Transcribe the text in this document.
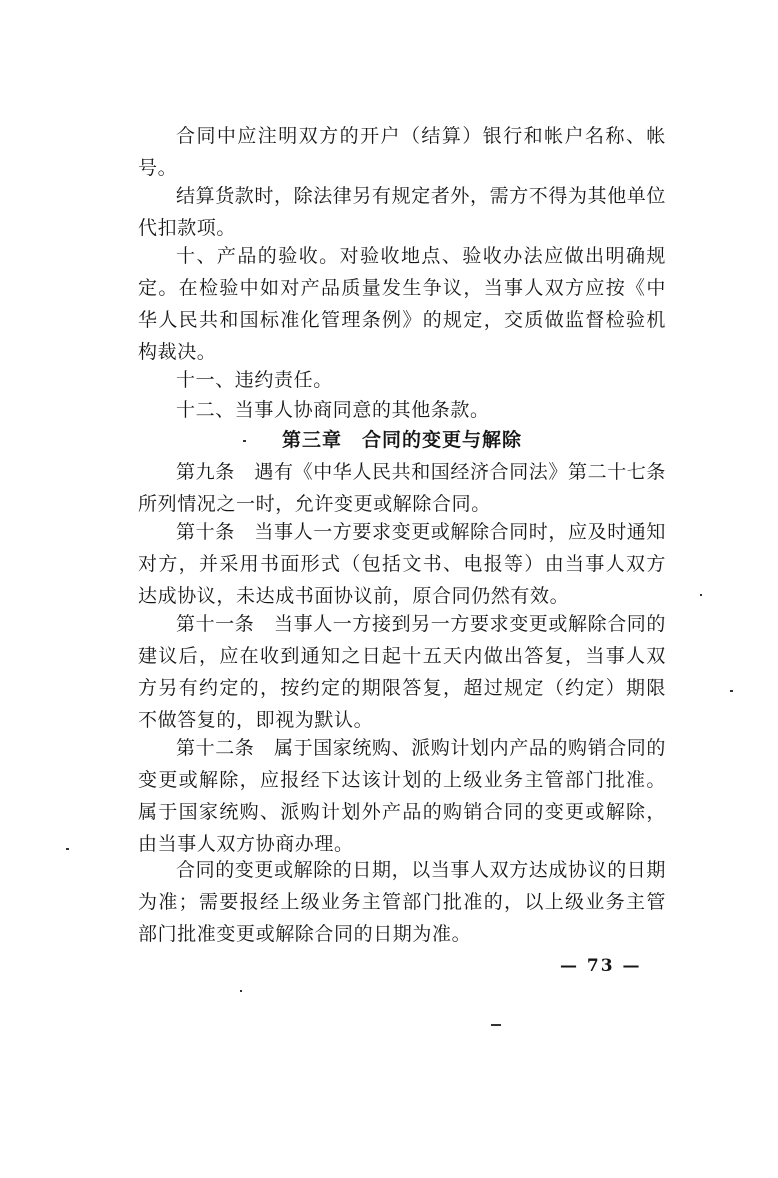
合同中应注明双方的开户（结算）银行和帐户名称、帐号。

结算货款时，除法律另有规定者外，需方不得为其他单位代扣款项。

十、产品的验收。对验收地点、验收办法应做出明确规定。在检验中如对产品质量发生争议，当事人双方应按《中华人民共和国标准化管理条例》的规定，交质做监督检验机构裁决。

十一、违约责任。

十二、当事人协商同意的其他条款。

第三章　合同的变更与解除

第九条　遇有《中华人民共和国经济合同法》第二十七条所列情况之一时，允许变更或解除合同。

第十条　当事人一方要求变更或解除合同时，应及时通知对方，并采用书面形式（包括文书、电报等）由当事人双方达成协议，未达成书面协议前，原合同仍然有效。

第十一条　当事人一方接到另一方要求变更或解除合同的建议后，应在收到通知之日起十五天内做出答复，当事人双方另有约定的，按约定的期限答复，超过规定（约定）期限不做答复的，即视为默认。

第十二条　属于国家统购、派购计划内产品的购销合同的变更或解除，应报经下达该计划的上级业务主管部门批准。属于国家统购、派购计划外产品的购销合同的变更或解除，由当事人双方协商办理。

合同的变更或解除的日期，以当事人双方达成协议的日期为准；需要报经上级业务主管部门批准的，以上级业务主管部门批准变更或解除合同的日期为准。

— 73 —
